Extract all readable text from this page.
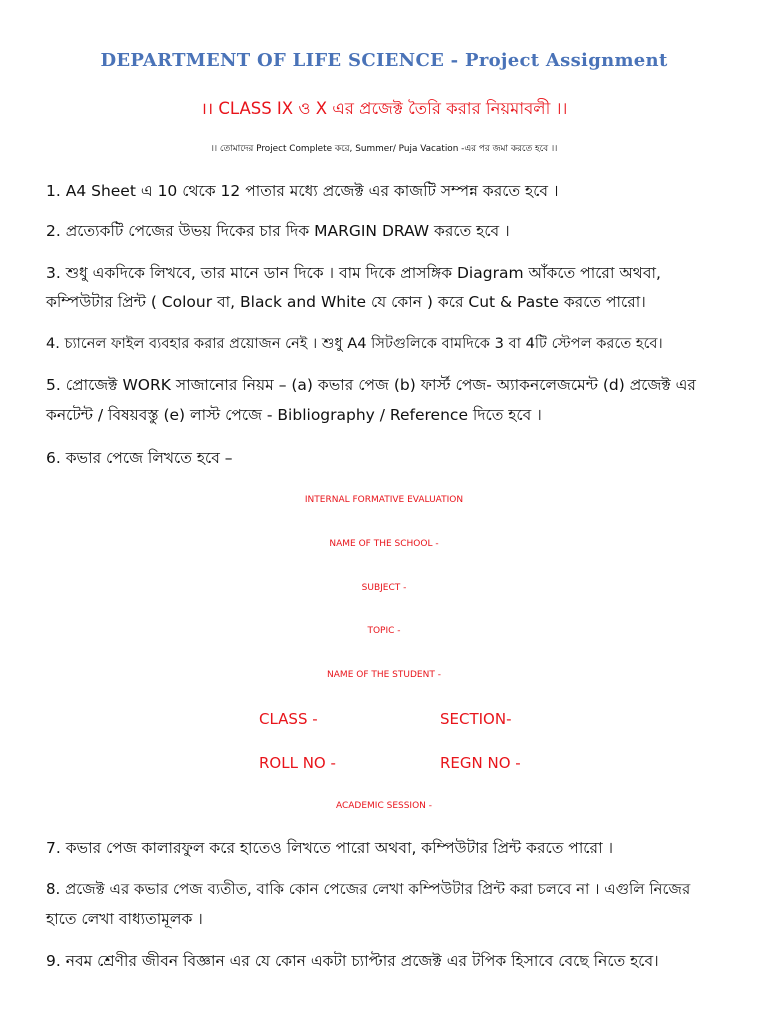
DEPARTMENT OF LIFE SCIENCE - Project Assignment
।। CLASS IX ও X এর প্রজেক্ট তৈরি করার নিয়মাবলী ।।
।। তোমাদের Project Complete করে, Summer/ Puja Vacation -এর পর জমা করতে হবে ।।
1. A4 Sheet এ 10 থেকে 12 পাতার মধ্যে প্রজেক্ট এর কাজটি সম্পন্ন করতে হবে ।
2. প্রত্যেকটি পেজের উভয় দিকের চার দিক MARGIN DRAW করতে হবে ।
3. শুধু একদিকে লিখবে, তার মানে ডান দিকে । বাম দিকে প্রাসঙ্গিক Diagram আঁকতে পারো অথবা,
কম্পিউটার প্রিন্ট ( Colour বা, Black and White যে কোন ) করে Cut & Paste করতে পারো।
4. চ্যানেল ফাইল ব্যবহার করার প্রয়োজন নেই । শুধু A4 সিটগুলিকে বামদিকে 3 বা 4টি স্টেপল করতে হবে।
5. প্রোজেক্ট WORK সাজানোর নিয়ম – (a) কভার পেজ (b) ফার্স্ট পেজ- অ্যাকনলেজমেন্ট (d) প্রজেক্ট এর
কনটেন্ট / বিষয়বস্তু (e) লাস্ট পেজে - Bibliography / Reference দিতে হবে ।
6. কভার পেজে লিখতে হবে –
INTERNAL FORMATIVE EVALUATION
NAME OF THE SCHOOL -
SUBJECT -
TOPIC -
NAME OF THE STUDENT -
CLASS -	SECTION-
ROLL NO -	REGN NO -
ACADEMIC SESSION -
7. কভার পেজ কালারফুল করে হাতেও লিখতে পারো অথবা, কম্পিউটার প্রিন্ট করতে পারো ।
8. প্রজেক্ট এর কভার পেজ ব্যতীত, বাকি কোন পেজের লেখা কম্পিউটার প্রিন্ট করা চলবে না । এগুলি নিজের
হাতে লেখা বাধ্যতামূলক ।
9. নবম শ্রেণীর জীবন বিজ্ঞান এর যে কোন একটা চ্যাপ্টার প্রজেক্ট এর টপিক হিসাবে বেছে নিতে হবে।
